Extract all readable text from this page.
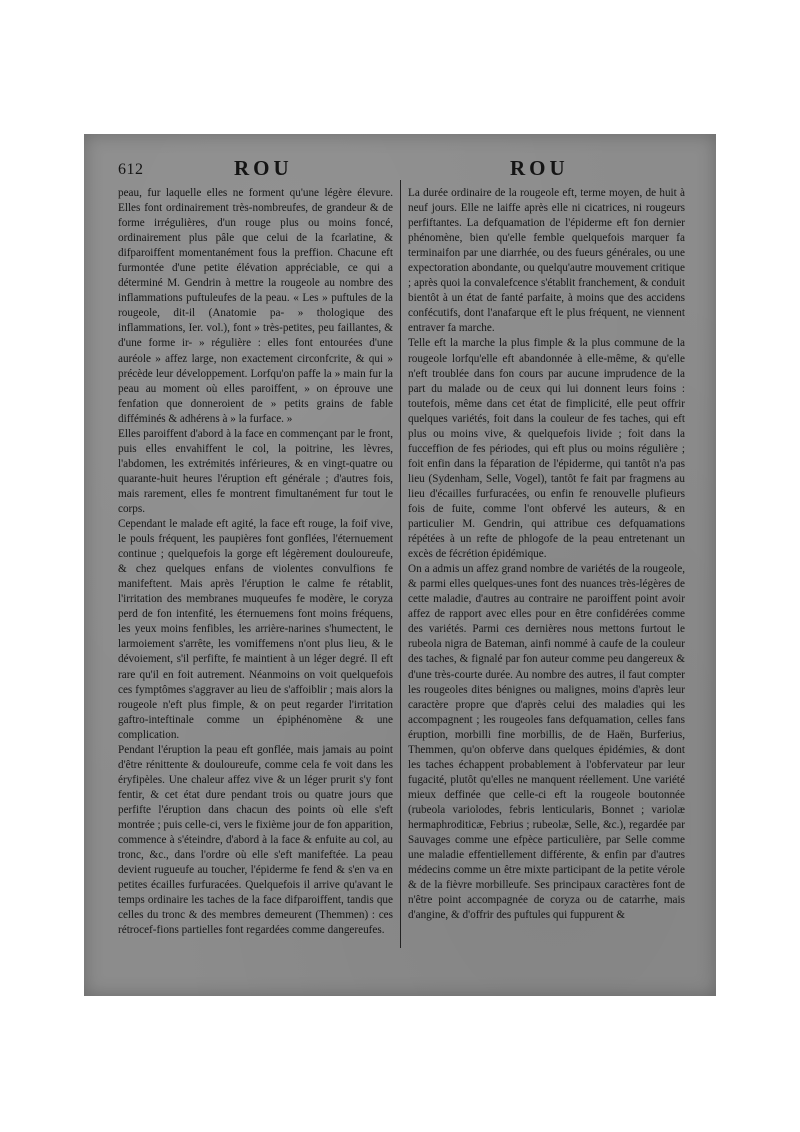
612	ROU	ROU
peau, fur laquelle elles ne forment qu'une légère élevure. Elles font ordinairement très-nombreufes, de grandeur & de forme irrégulières, d'un rouge plus ou moins foncé, ordinairement plus pâle que celui de la fcarlatine, & difparoiffent momentanément fous la preffion. Chacune eft furmontée d'une petite élévation appréciable, ce qui a déterminé M. Gendrin à mettre la rougeole au nombre des inflammations puftuleufes de la peau. « Les » puftules de la rougeole, dit-il (Anatomie pa- » thologique des inflammations, Ier. vol.), font » très-petites, peu faillantes, & d'une forme ir- » régulière : elles font entourées d'une auréole » affez large, non exactement circonfcrite, & qui » précède leur développement. Lorfqu'on paffe la » main fur la peau au moment où elles paroiffent, » on éprouve une fenfation que donneroient de » petits grains de fable difféminés & adhérens à » la furface. »
Elles paroiffent d'abord à la face en commençant par le front, puis elles envahiffent le col, la poitrine, les lèvres, l'abdomen, les extrémités inférieures, & en vingt-quatre ou quarante-huit heures l'éruption eft générale ; d'autres fois, mais rarement, elles fe montrent fimultanément fur tout le corps.
Cependant le malade eft agité, la face eft rouge, la foif vive, le pouls fréquent, les paupières font gonflées, l'éternuement continue ; quelquefois la gorge eft légèrement douloureufe, & chez quelques enfans de violentes convulfions fe manifeftent. Mais après l'éruption le calme fe rétablit, l'irritation des membranes muqueufes fe modère, le coryza perd de fon intenfité, les éternuemens font moins fréquens, les yeux moins fenfibles, les arrière-narines s'humectent, le larmoiement s'arrête, les vomiffemens n'ont plus lieu, & le dévoiement, s'il perfifte, fe maintient à un léger degré. Il eft rare qu'il en foit autrement. Néanmoins on voit quelquefois ces fymptômes s'aggraver au lieu de s'affoiblir ; mais alors la rougeole n'eft plus fimple, & on peut regarder l'irritation gaftro-inteftinale comme un épiphénomène & une complication.
Pendant l'éruption la peau eft gonflée, mais jamais au point d'être rénittente & douloureufe, comme cela fe voit dans les éryfipèles. Une chaleur affez vive & un léger prurit s'y font fentir, & cet état dure pendant trois ou quatre jours que perfifte l'éruption dans chacun des points où elle s'eft montrée ; puis celle-ci, vers le fixième jour de fon apparition, commence à s'éteindre, d'abord à la face & enfuite au col, au tronc, &c., dans l'ordre où elle s'eft manifeftée. La peau devient rugueufe au toucher, l'épiderme fe fend & s'en va en petites écailles furfuracées. Quelquefois il arrive qu'avant le temps ordinaire les taches de la face difparoiffent, tandis que celles du tronc & des membres demeurent (Themmen) : ces rétrocef-fions partielles font regardées comme dangereufes.
La durée ordinaire de la rougeole eft, terme moyen, de huit à neuf jours. Elle ne laiffe après elle ni cicatrices, ni rougeurs perfiftantes. La defquamation de l'épiderme eft fon dernier phénomène, bien qu'elle femble quelquefois marquer fa terminaifon par une diarrhée, ou des fueurs générales, ou une expectoration abondante, ou quelqu'autre mouvement critique ; après quoi la convalefcence s'établit franchement, & conduit bientôt à un état de fanté parfaite, à moins que des accidens confécutifs, dont l'anafarque eft le plus fréquent, ne viennent entraver fa marche.
Telle eft la marche la plus fimple & la plus commune de la rougeole lorfqu'elle eft abandonnée à elle-même, & qu'elle n'eft troublée dans fon cours par aucune imprudence de la part du malade ou de ceux qui lui donnent leurs foins : toutefois, même dans cet état de fimplicité, elle peut offrir quelques variétés, foit dans la couleur de fes taches, qui eft plus ou moins vive, & quelquefois livide ; foit dans la fucceffion de fes périodes, qui eft plus ou moins régulière ; foit enfin dans la féparation de l'épiderme, qui tantôt n'a pas lieu (Sydenham, Selle, Vogel), tantôt fe fait par fragmens au lieu d'écailles furfuracées, ou enfin fe renouvelle plufieurs fois de fuite, comme l'ont obfervé les auteurs, & en particulier M. Gendrin, qui attribue ces defquamations répétées à un refte de phlogofe de la peau entretenant un excès de fécrétion épidémique.
On a admis un affez grand nombre de variétés de la rougeole, & parmi elles quelques-unes font des nuances très-légères de cette maladie, d'autres au contraire ne paroiffent point avoir affez de rapport avec elles pour en être confidérées comme des variétés. Parmi ces dernières nous mettons furtout le rubeola nigra de Bateman, ainfi nommé à caufe de la couleur des taches, & fignalé par fon auteur comme peu dangereux & d'une très-courte durée. Au nombre des autres, il faut compter les rougeoles dites bénignes ou malignes, moins d'après leur caractère propre que d'après celui des maladies qui les accompagnent ; les rougeoles fans defquamation, celles fans éruption, morbilli fine morbillis, de de Haën, Burferius, Themmen, qu'on obferve dans quelques épidémies, & dont les taches échappent probablement à l'obfervateur par leur fugacité, plutôt qu'elles ne manquent réellement. Une variété mieux deffinée que celle-ci eft la rougeole boutonnée (rubeola variolodes, febris lenticularis, Bonnet ; variolæ hermaphroditicæ, Febrius ; rubeolæ, Selle, &c.), regardée par Sauvages comme une efpèce particulière, par Selle comme une maladie effentiellement différente, & enfin par d'autres médecins comme un être mixte participant de la petite vérole & de la fièvre morbilleufe. Ses principaux caractères font de n'être point accompagnée de coryza ou de catarrhe, mais d'angine, & d'offrir des puftules qui fuppurent &
